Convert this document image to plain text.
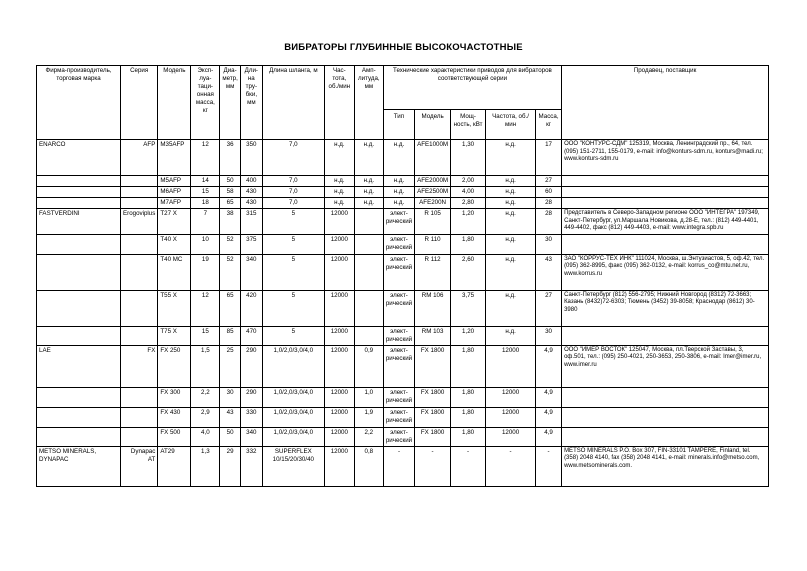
ВИБРАТОРЫ ГЛУБИННЫЕ ВЫСОКОЧАСТОТНЫЕ
Фирма-производитель, торговая марка	Серия	Модель	Эксп-луа-таци-онная масса, кг	Диа-метр, мм	Дли-на тру-бки, мм	Длина шланга, м	Час-тота, об./мин	Амп-литуда, мм	Технические характеристики приводов для вибраторов соответствующей серии					Продавец, поставщик
									Тип	Модель	Мощ-ность, кВт	Частота, об./мин	Масса, кг	
ENARCO	AFP	M35AFP	12	36	350	7,0	н.д.	н.д.	н.д.	AFE1000M	1,30	н.д.	17	ООО "КОНТУРС-СДМ" 125319, Москва, Ленинградский пр., 64, тел. (095) 151-2711, 155-0179, e-mail: info@konturs-sdm.ru, konturs@madi.ru; www.konturs-sdm.ru
		M5AFP	14	50	400	7,0	н.д.	н.д.	н.д.	AFE2000M	2,00	н.д.	27	
		M6AFP	15	58	430	7,0	н.д.	н.д.	н.д.	AFE2500M	4,00	н.д.	60	
		M7AFP	18	65	430	7,0	н.д.	н.д.	н.д.	AFE200N	2,80	н.д.	28	
FASTVERDINI	Erogoviplus	T27 X	7	38	315	5	12000		элект-рический	R 105	1,20	н.д.	28	Представитель в Северо-Западном регионе ООО "ИНТЕГРА" 197349, Санкт-Петербург, ул.Маршала Новикова, д.28-Е, тел.: (812) 449-4401, 449-4402, факс (812) 449-4403, e-mail: www.integra.spb.ru
		T40 X	10	52	375	5	12000		элект-рический	R 110	1,80	н.д.	30	
		T40 MC	19	52	340	5	12000		элект-рический	R 112	2,60	н.д.	43	ЗАО "КОРРУС-ТЕХ ИНК" 111024, Москва, ш.Энтузиастов, 5, оф.42, тел. (095) 362-8995, факс (095) 362-0132, e-mail: korrus_co@mtu.net.ru, www.korrus.ru
		T55 X	12	65	420	5	12000		элект-рический	RM 106	3,75	н.д.	27	Санкт-Петербург (812) 556-2795; Нижний Новгород (8312) 72-3663; Казань (8432)72-6303; Тюмень (3452) 39-8058; Краснодар (8612) 30-3980
		T75 X	15	85	470	5	12000		элект-рический	RM 103	1,20	н.д.	30	
LAE	FX	FX 250	1,5	25	290	1,0/2,0/3,0/4,0	12000	0,9	элект-рический	FX 1800	1,80	12000	4,9	ООО "ИМЕР ВОСТОК" 125047, Москва, пл.Тверской Заставы, 3, оф.501, тел.: (095) 250-4021, 250-3653, 250-3806, e-mail: Imer@imer.ru, www.imer.ru
		FX 300	2,2	30	290	1,0/2,0/3,0/4,0	12000	1,0	элект-рический	FX 1800	1,80	12000	4,9	
		FX 430	2,9	43	330	1,0/2,0/3,0/4,0	12000	1,9	элект-рический	FX 1800	1,80	12000	4,9	
		FX 500	4,0	50	340	1,0/2,0/3,0/4,0	12000	2,2	элект-рический	FX 1800	1,80	12000	4,9	
METSO MINERALS, DYNAPAC	Dynapac AT	AT29	1,3	29	332	SUPERFLEX 10/15/20/30/40	12000	0,8	-	-	-	-	-	METSO MINERALS P.O. Box 307, FIN-33101 TAMPERE, Finland, tel. (358) 2048 4140, fax (358) 2048 4141, e-mail: minerals.info@metso.com, www.metsominerals.com.
